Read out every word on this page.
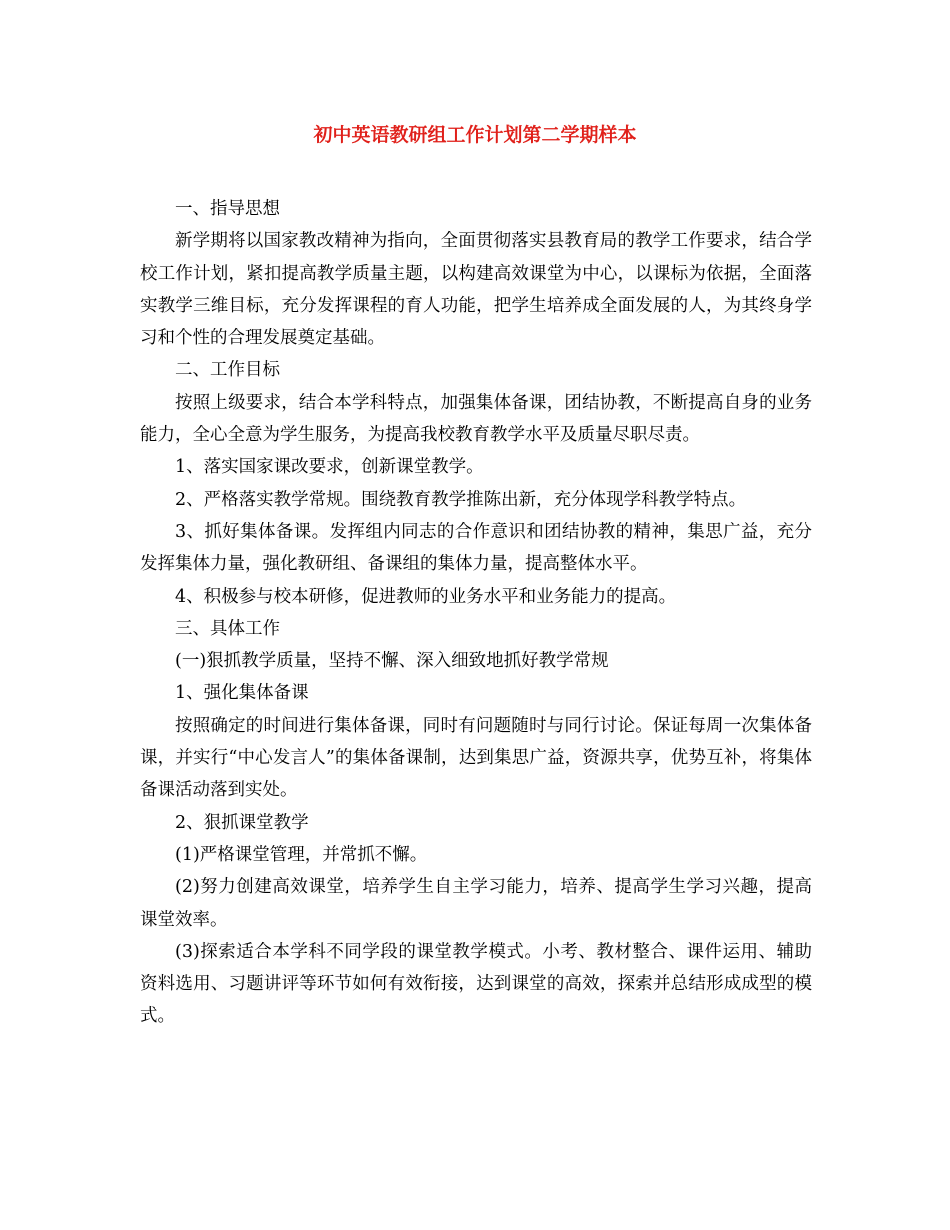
初中英语教研组工作计划第二学期样本

一、指导思想

新学期将以国家教改精神为指向，全面贯彻落实县教育局的教学工作要求，结合学校工作计划，紧扣提高教学质量主题，以构建高效课堂为中心，以课标为依据，全面落实教学三维目标，充分发挥课程的育人功能，把学生培养成全面发展的人，为其终身学习和个性的合理发展奠定基础。

二、工作目标

按照上级要求，结合本学科特点，加强集体备课，团结协教，不断提高自身的业务能力，全心全意为学生服务，为提高我校教育教学水平及质量尽职尽责。

1、落实国家课改要求，创新课堂教学。

2、严格落实教学常规。围绕教育教学推陈出新，充分体现学科教学特点。

3、抓好集体备课。发挥组内同志的合作意识和团结协教的精神，集思广益，充分发挥集体力量，强化教研组、备课组的集体力量，提高整体水平。

4、积极参与校本研修，促进教师的业务水平和业务能力的提高。

三、具体工作

(一)狠抓教学质量，坚持不懈、深入细致地抓好教学常规

1、强化集体备课

按照确定的时间进行集体备课，同时有问题随时与同行讨论。保证每周一次集体备课，并实行“中心发言人”的集体备课制，达到集思广益，资源共享，优势互补，将集体备课活动落到实处。

2、狠抓课堂教学

(1)严格课堂管理，并常抓不懈。

(2)努力创建高效课堂，培养学生自主学习能力，培养、提高学生学习兴趣，提高课堂效率。

(3)探索适合本学科不同学段的课堂教学模式。小考、教材整合、课件运用、辅助资料选用、习题讲评等环节如何有效衔接，达到课堂的高效，探索并总结形成成型的模式。
